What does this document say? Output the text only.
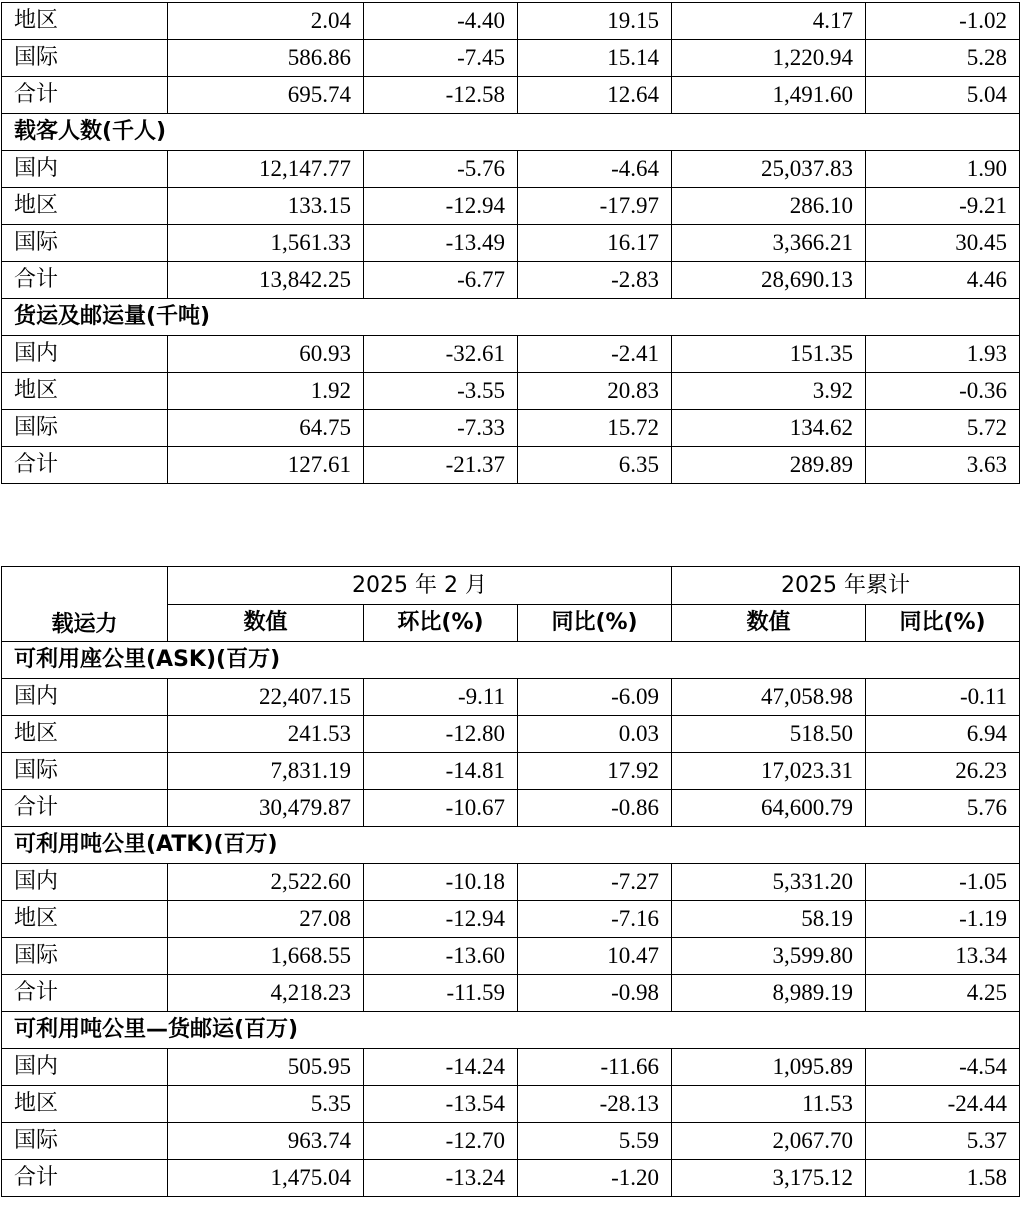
地区	2.04	-4.40	19.15	4.17	-1.02
国际	586.86	-7.45	15.14	1,220.94	5.28
合计	695.74	-12.58	12.64	1,491.60	5.04
载客人数(千人)					
国内	12,147.77	-5.76	-4.64	25,037.83	1.90
地区	133.15	-12.94	-17.97	286.10	-9.21
国际	1,561.33	-13.49	16.17	3,366.21	30.45
合计	13,842.25	-6.77	-2.83	28,690.13	4.46
货运及邮运量(千吨)					
国内	60.93	-32.61	-2.41	151.35	1.93
地区	1.92	-3.55	20.83	3.92	-0.36
国际	64.75	-7.33	15.72	134.62	5.72
合计	127.61	-21.37	6.35	289.89	3.63
载运力	2025 年 2 月			2025 年累计	
	数值	环比(%)	同比(%)	数值	同比(%)
可利用座公里(ASK)(百万)					
国内	22,407.15	-9.11	-6.09	47,058.98	-0.11
地区	241.53	-12.80	0.03	518.50	6.94
国际	7,831.19	-14.81	17.92	17,023.31	26.23
合计	30,479.87	-10.67	-0.86	64,600.79	5.76
可利用吨公里(ATK)(百万)					
国内	2,522.60	-10.18	-7.27	5,331.20	-1.05
地区	27.08	-12.94	-7.16	58.19	-1.19
国际	1,668.55	-13.60	10.47	3,599.80	13.34
合计	4,218.23	-11.59	-0.98	8,989.19	4.25
可利用吨公里—货邮运(百万)					
国内	505.95	-14.24	-11.66	1,095.89	-4.54
地区	5.35	-13.54	-28.13	11.53	-24.44
国际	963.74	-12.70	5.59	2,067.70	5.37
合计	1,475.04	-13.24	-1.20	3,175.12	1.58
